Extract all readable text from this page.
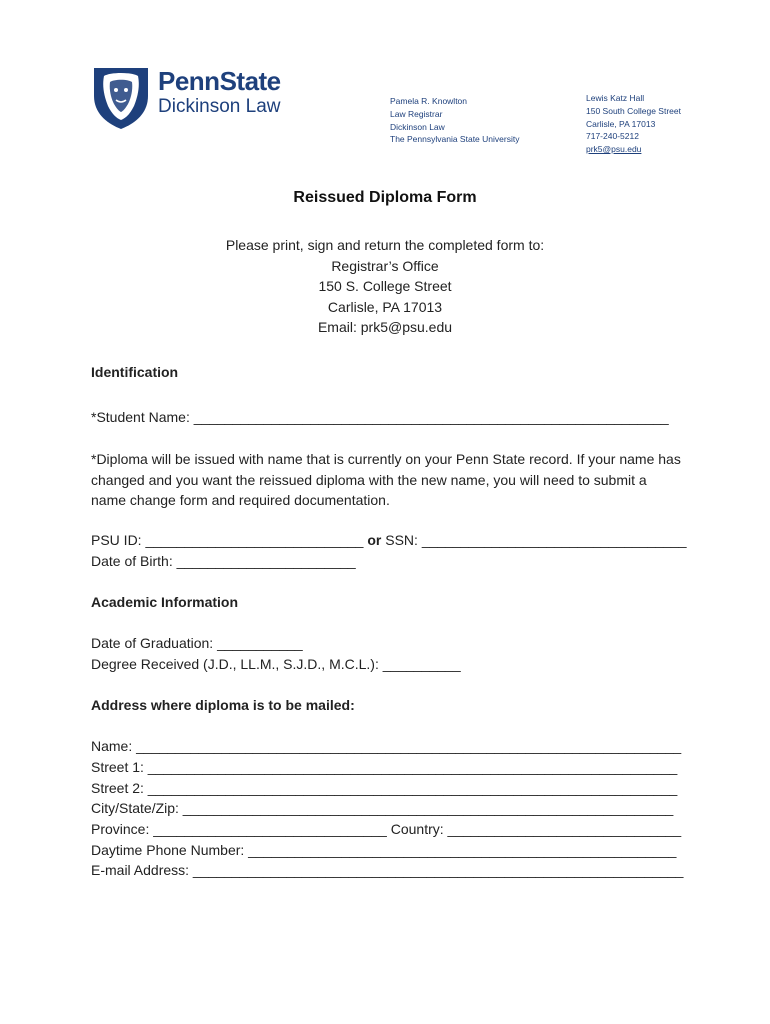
PennState
Dickinson Law	Pamela R. Knowlton
Law Registrar
Dickinson Law
The Pennsylvania State University
Lewis Katz Hall
150 South College Street
Carlisle, PA 17013
717-240-5212
prk5@psu.edu
Reissued Diploma Form
Please print, sign and return the completed form to:
Registrar’s Office
150 S. College Street
Carlisle, PA 17013
Email: prk5@psu.edu
Identification
*Student Name: _____________________________________________________________
*Diploma will be issued with name that is currently on your Penn State record. If your name has changed and you want the reissued diploma with the new name, you will need to submit a name change form and required documentation.
PSU ID: ____________________________ or SSN: __________________________________
Date of Birth: _______________________
Academic Information
Date of Graduation: ___________
Degree Received (J.D., LL.M., S.J.D., M.C.L.): __________
Address where diploma is to be mailed:
Name: ______________________________________________________________________
Street 1: ____________________________________________________________________
Street 2: ____________________________________________________________________
City/State/Zip: _______________________________________________________________
Province: ______________________________ Country: ______________________________
Daytime Phone Number: _______________________________________________________
E-mail Address: _______________________________________________________________
